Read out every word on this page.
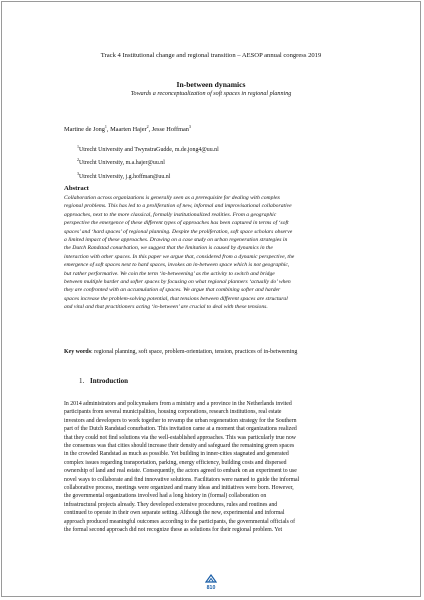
Track 4 Institutional change and regional transition – AESOP annual congress 2019
In-between dynamics
Towards a reconceptualization of soft spaces in regional planning
Martine de Jong$^1$, Maarten Hajer$^2$, Jesse Hoffman$^3$
$^1$Utrecht University and TwynstraGudde, m.de.jong4@uu.nl
$^2$Utrecht University, m.a.hajer@uu.nl
$^3$Utrecht University, j.g.hoffman@uu.nl
Abstract
Collaboration across organizations is generally seen as a prerequisite for dealing with complex
regional problems. This has led to a proliferation of new, informal and improvisational collaborative
approaches, next to the more classical, formally institutionalized realities. From a geographic
perspective the emergence of these different types of approaches has been captured in terms of ‘soft
spaces’ and ‘hard spaces’ of regional planning. Despite the proliferation, soft space scholars observe
a limited impact of these approaches. Drawing on a case study on urban regeneration strategies in
the Dutch Randstad conurbation, we suggest that the limitation is caused by dynamics in the
interaction with other spaces. In this paper we argue that, considered from a dynamic perspective, the
emergence of soft spaces next to hard spaces, invokes an in-between space which is not geographic,
but rather performative. We coin the term ‘in-betweening’ as the activity to switch and bridge
between multiple harder and softer spaces by focusing on what regional planners ‘actually do’ when
they are confronted with an accumulation of spaces. We argue that combining softer and harder
spaces increase the problem-solving potential, that tensions between different spaces are structural
and vital and that practitioners acting ‘in-between’ are crucial to deal with these tensions.
Key words: regional planning, soft space, problem-orientation, tension, practices of in-betweening
1. Introduction
In 2014 administrators and policymakers from a ministry and a province in the Netherlands invited
participants from several municipalities, housing corporations, research institutions, real estate
investors and developers to work together to revamp the urban regeneration strategy for the Southern
part of the Dutch Randstad conurbation. This invitation came at a moment that organizations realized
that they could not find solutions via the well-established approaches. This was particularly true now
the consensus was that cities should increase their density and safeguard the remaining green spaces
in the crowded Randstad as much as possible. Yet building in inner-cities stagnated and generated
complex issues regarding transportation, parking, energy efficiency, building costs and dispersed
ownership of land and real estate. Consequently, the actors agreed to embark on an experiment to use
novel ways to collaborate and find innovative solutions. Facilitators were named to guide the informal
collaborative process, meetings were organized and many ideas and initiatives were born. However,
the governmental organizations involved had a long history in (formal) collaboration on
infrastructural projects already. They developed extensive procedures, rules and routines and
continued to operate in their own separate setting. Although the new, experimental and informal
approach produced meaningful outcomes according to the participants, the governmental officials of
the formal second approach did not recognize these as solutions for their regional problem. Yet
810
